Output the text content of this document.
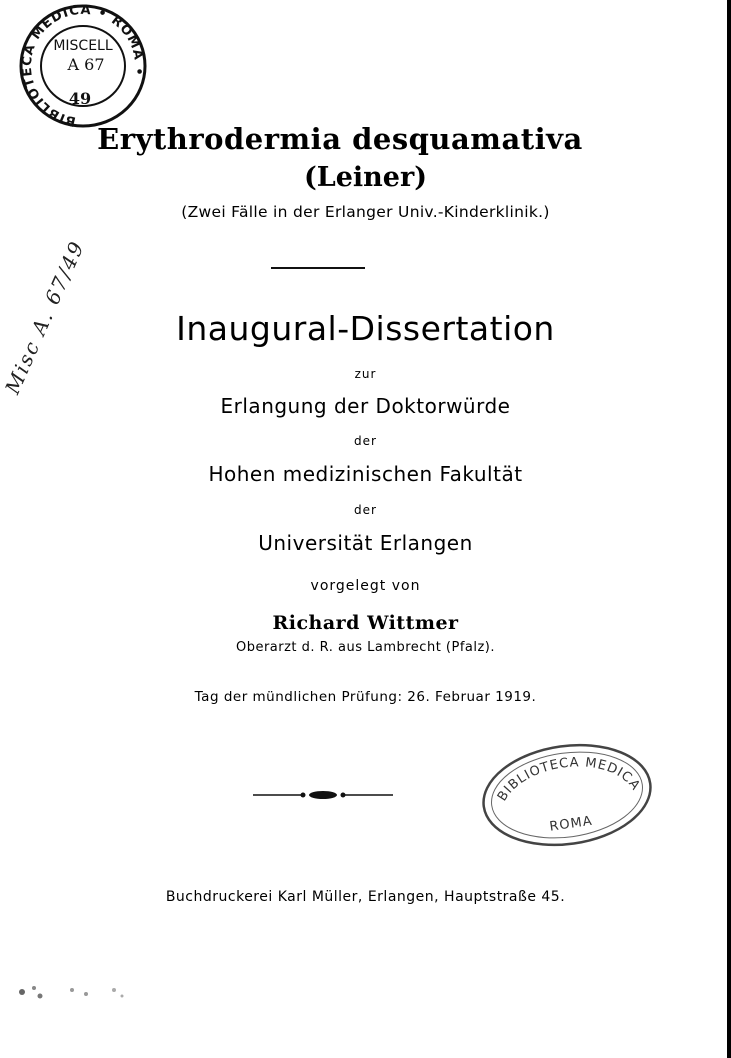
BIBLIOTECA MEDICA • ROMA •
MISCELL
A 67
49
Erythrodermia desquamativa
(Leiner)
(Zwei Fälle in der Erlanger Univ.-Kinderklinik.)
Misc A. 67/49	Inaugural-Dissertation
zur
Erlangung der Doktorwürde
der
Hohen medizinischen Fakultät
der
Universität Erlangen
vorgelegt von
Richard Wittmer
Oberarzt d. R. aus Lambrecht (Pfalz).
Tag der mündlichen Prüfung: 26. Februar 1919.
BIBLIOTECA MEDICA
ROMA
Buchdruckerei Karl Müller, Erlangen, Hauptstraße 45.
